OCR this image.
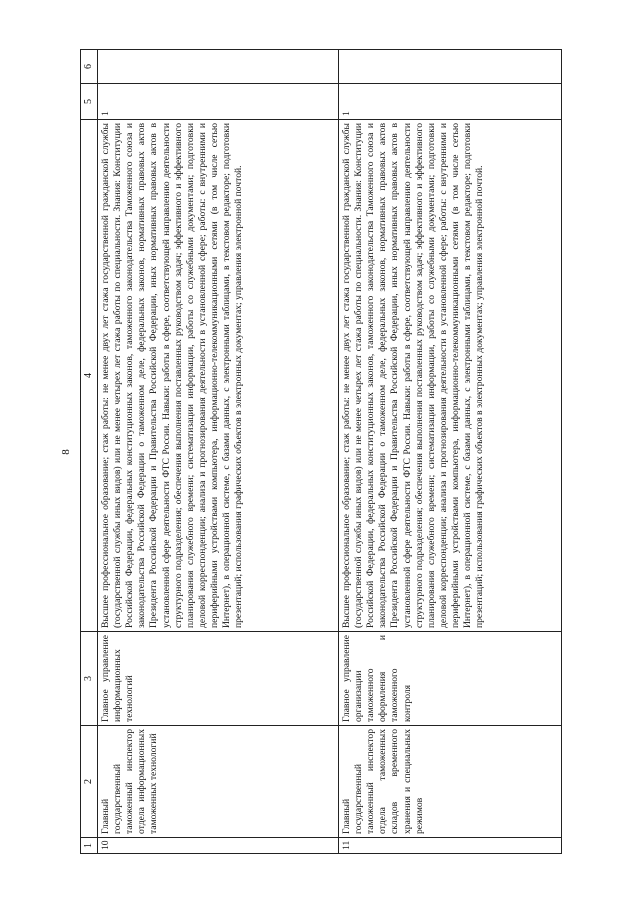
8
1	2	3	4	5	6
10	Главный государственный таможенный инспектор отдела информационных таможенных технологий	Главное управление информационных технологий	Высшее профессиональное образование; стаж работы: не менее двух лет стажа государственной гражданской службы (государственной службы иных видов) или не менее четырех лет стажа работы по специальности. Знания: Конституции Российской Федерации, федеральных конституционных законов, таможенного законодательства Таможенного союза и законодательства Российской Федерации о таможенном деле, федеральных законов, нормативных правовых актов Президента Российской Федерации и Правительства Российской Федерации, иных нормативных правовых актов в установленной сфере деятельности ФТС России. Навыки: работы в сфере, соответствующей направлению деятельности структурного подразделения; обеспечения выполнения поставленных руководством задач; эффективного и эффективного планирования служебного времени; систематизации информации, работы со служебными документами; подготовки деловой корреспонденции; анализа и прогнозирования деятельности в установленной сфере; работы: с внутренними и периферийными устройствами компьютера, информационно-телекоммуникационными сетями (в том числе сетью Интернет), в операционной системе, с базами данных, с электронными таблицами, в текстовом редакторе; подготовки презентаций; использования графических объектов в электронных документах; управления электронной почтой.	1	
11	Главный государственный таможенный инспектор отдела таможенных складов временного хранения и специальных режимов	Главное управление организации таможенного оформления и таможенного контроля	Высшее профессиональное образование; стаж работы: не менее двух лет стажа государственной гражданской службы (государственной службы иных видов) или не менее четырех лет стажа работы по специальности. Знания: Конституции Российской Федерации, федеральных конституционных законов, таможенного законодательства Таможенного союза и законодательства Российской Федерации о таможенном деле, федеральных законов, нормативных правовых актов Президента Российской Федерации и Правительства Российской Федерации, иных нормативных правовых актов в установленной сфере деятельности ФТС России. Навыки: работы в сфере, соответствующей направлению деятельности структурного подразделения; обеспечения выполнения поставленных руководством задач; эффективного и эффективного планирования служебного времени; систематизации информации, работы со служебными документами; подготовки деловой корреспонденции; анализа и прогнозирования деятельности в установленной сфере; работы: с внутренними и периферийными устройствами компьютера, информационно-телекоммуникационными сетями (в том числе сетью Интернет), в операционной системе, с базами данных, с электронными таблицами, в текстовом редакторе; подготовки презентаций; использования графических объектов в электронных документах; управления электронной почтой.	1	
